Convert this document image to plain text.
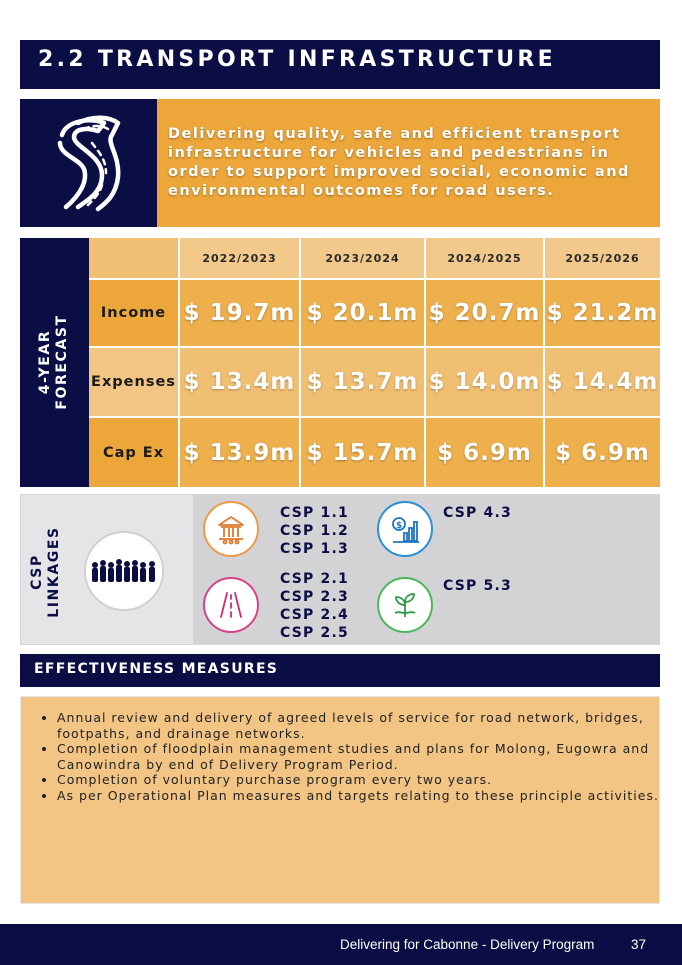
2.2 TRANSPORT INFRASTRUCTURE
Delivering quality, safe and efficient transport infrastructure for vehicles and pedestrians in order to support improved social, economic and environmental outcomes for road users.
4-YEAR FORECAST
2022/2023	2023/2024	2024/2025	2025/2026
Income $ 19.7m $ 20.1m $ 20.7m $ 21.2m
Expenses $ 13.4m $ 13.7m $ 14.0m $ 14.4m
Cap Ex $ 13.9m $ 15.7m $ 6.9m	$ 6.9m
CSP LINKAGES
CSP 1.1
CSP 1.2
CSP 1.3
$
CSP 4.3
CSP 2.1
CSP 2.3
CSP 2.4
CSP 2.5
CSP 5.3
EFFECTIVENESS MEASURES
• Annual review and delivery of agreed levels of service for road network, bridges, footpaths, and drainage networks.
• Completion of floodplain management studies and plans for Molong, Eugowra and Canowindra by end of Delivery Program Period.
• Completion of voluntary purchase program every two years.
• As per Operational Plan measures and targets relating to these principle activities.
Delivering for Cabonne - Delivery Program	37
